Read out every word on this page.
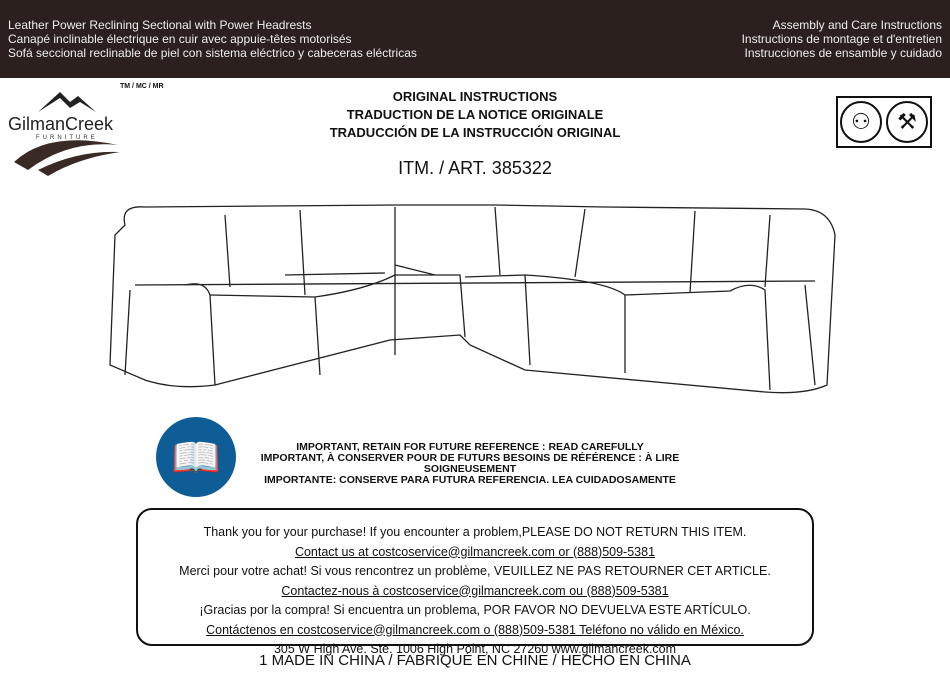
Leather Power Reclining Sectional with Power Headrests
Canapé inclinable électrique en cuir avec appuie-têtes motorisés
Sofá seccional reclinable de piel con sistema eléctrico y cabeceras eléctricas
Assembly and Care Instructions
Instructions de montage et d'entretien
Instrucciones de ensamble y cuidado
TM / MC / MR
GilmanCreek
FURNITURE
ORIGINAL INSTRUCTIONS
TRADUCTION DE LA NOTICE ORIGINALE
TRADUCCIÓN DE LA INSTRUCCIÓN ORIGINAL
ITM. / ART. 385322
⚇	⚒
📖	IMPORTANT, RETAIN FOR FUTURE REFERENCE : READ CAREFULLY
IMPORTANT, À CONSERVER POUR DE FUTURS BESOINS DE RÉFÉRENCE : À LIRE SOIGNEUSEMENT
IMPORTANTE: CONSERVE PARA FUTURA REFERENCIA. LEA CUIDADOSAMENTE
Thank you for your purchase! If you encounter a problem,PLEASE DO NOT RETURN THIS ITEM.
Contact us at costcoservice@gilmancreek.com or (888)509-5381
Merci pour votre achat! Si vous rencontrez un problème, VEUILLEZ NE PAS RETOURNER CET ARTICLE.
Contactez-nous à costcoservice@gilmancreek.com ou (888)509-5381
¡Gracias por la compra! Si encuentra un problema, POR FAVOR NO DEVUELVA ESTE ARTÍCULO.
Contáctenos en costcoservice@gilmancreek.com o (888)509-5381 Teléfono no válido en México.
305 W High Ave. Ste. 1006 High Point, NC 27260 www.gilmancreek.com
1 MADE IN CHINA / FABRIQUÉ EN CHINE / HECHO EN CHINA
